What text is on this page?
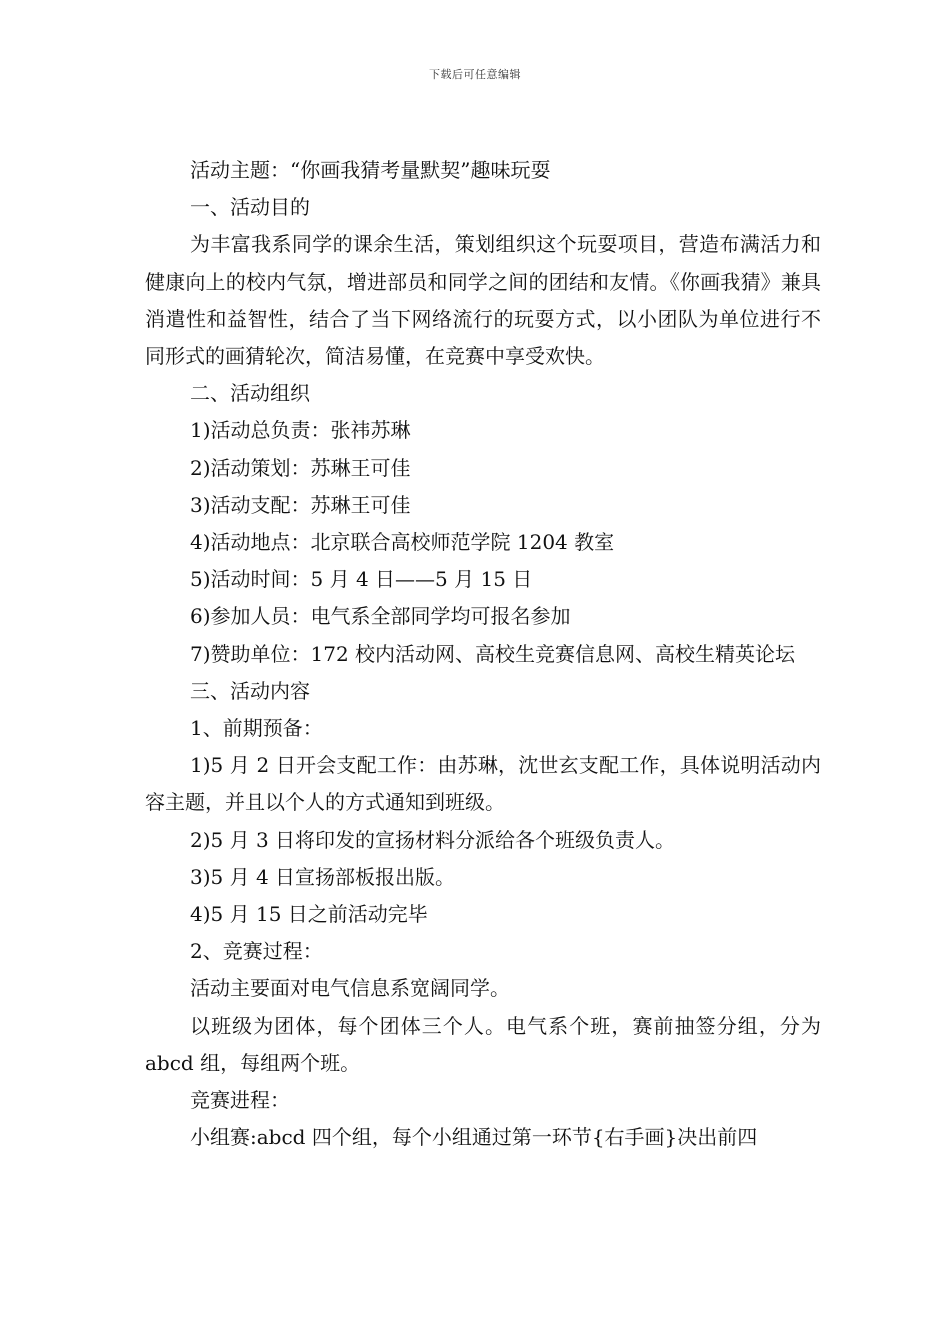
下载后可任意编辑

活动主题：“你画我猜考量默契”趣味玩耍

一、活动目的

为丰富我系同学的课余生活，策划组织这个玩耍项目，营造布满活力和健康向上的校内气氛，增进部员和同学之间的团结和友情。《你画我猜》兼具消遣性和益智性，结合了当下网络流行的玩耍方式，以小团队为单位进行不同形式的画猜轮次，简洁易懂，在竞赛中享受欢快。

二、活动组织

1)活动总负责：张祎苏琳

2)活动策划：苏琳王可佳

3)活动支配：苏琳王可佳

4)活动地点：北京联合高校师范学院 1204 教室

5)活动时间：5 月 4 日——5 月 15 日

6)参加人员：电气系全部同学均可报名参加

7)赞助单位：172 校内活动网、高校生竞赛信息网、高校生精英论坛

三、活动内容

1、前期预备：

1)5 月 2 日开会支配工作：由苏琳，沈世玄支配工作，具体说明活动内容主题，并且以个人的方式通知到班级。

2)5 月 3 日将印发的宣扬材料分派给各个班级负责人。

3)5 月 4 日宣扬部板报出版。

4)5 月 15 日之前活动完毕

2、竞赛过程：

活动主要面对电气信息系宽阔同学。

以班级为团体，每个团体三个人。电气系个班，赛前抽签分组，分为 abcd 组，每组两个班。

竞赛进程：

小组赛:abcd 四个组，每个小组通过第一环节{右手画}决出前四
